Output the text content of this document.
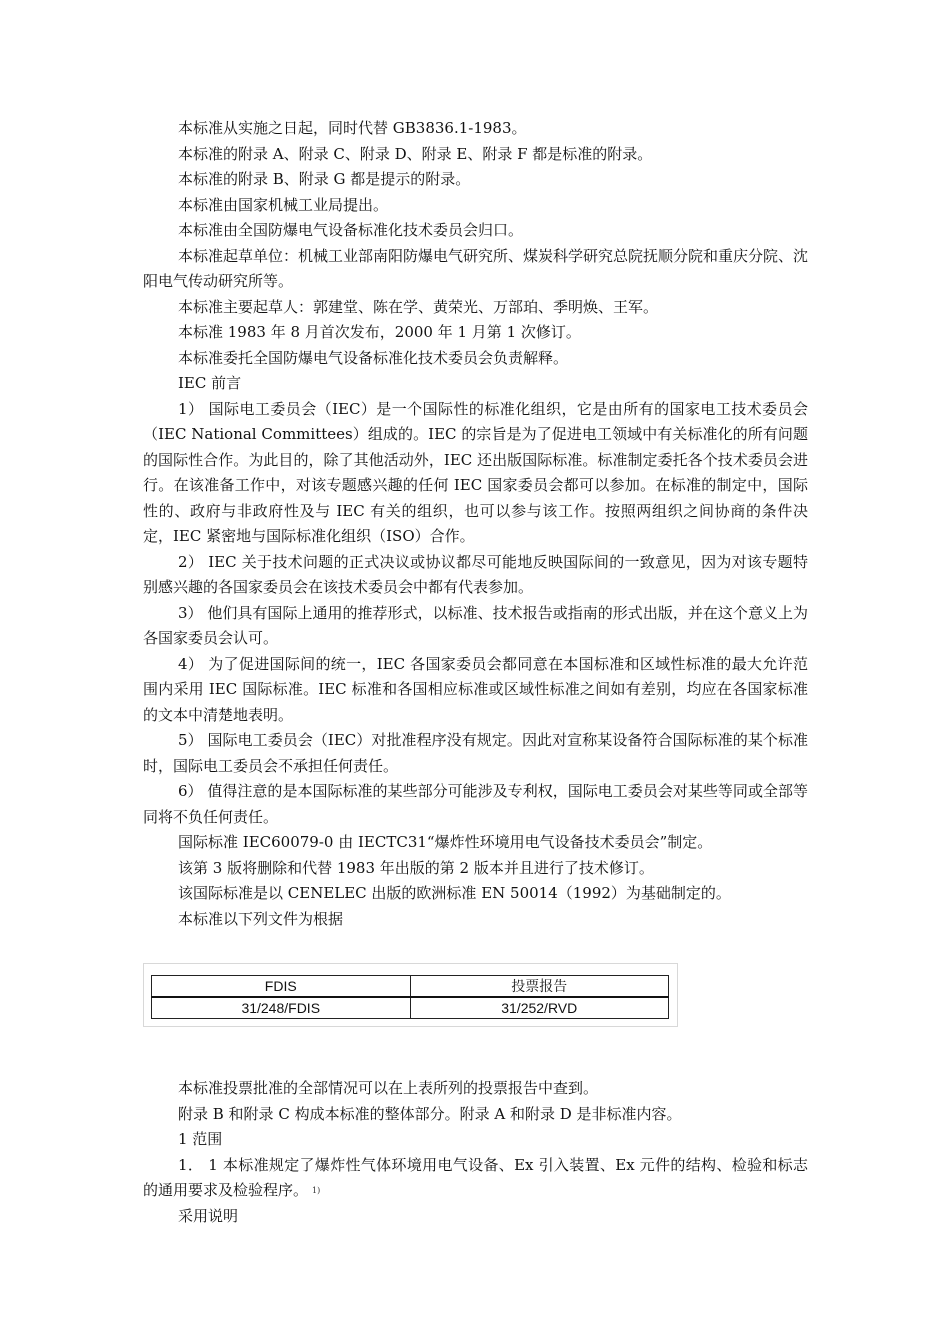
本标准从实施之日起，同时代替 GB3836.1-1983。

本标准的附录 A、附录 C、附录 D、附录 E、附录 F 都是标准的附录。

本标准的附录 B、附录 G 都是提示的附录。

本标准由国家机械工业局提出。

本标准由全国防爆电气设备标准化技术委员会归口。

本标准起草单位：机械工业部南阳防爆电气研究所、煤炭科学研究总院抚顺分院和重庆分院、沈阳电气传动研究所等。

本标准主要起草人：郭建堂、陈在学、黄荣光、万部珀、季明焕、王军。

本标准 1983 年 8 月首次发布，2000 年 1 月第 1 次修订。

本标准委托全国防爆电气设备标准化技术委员会负责解释。

IEC 前言

1） 国际电工委员会（IEC）是一个国际性的标准化组织，它是由所有的国家电工技术委员会（IEC National Committees）组成的。IEC 的宗旨是为了促进电工领域中有关标准化的所有问题的国际性合作。为此目的，除了其他活动外，IEC 还出版国际标准。标准制定委托各个技术委员会进行。在该准备工作中，对该专题感兴趣的任何 IEC 国家委员会都可以参加。在标准的制定中，国际性的、政府与非政府性及与 IEC 有关的组织，也可以参与该工作。按照两组织之间协商的条件决定，IEC 紧密地与国际标准化组织（ISO）合作。

2） IEC 关于技术问题的正式决议或协议都尽可能地反映国际间的一致意见，因为对该专题特别感兴趣的各国家委员会在该技术委员会中都有代表参加。

3） 他们具有国际上通用的推荐形式，以标准、技术报告或指南的形式出版，并在这个意义上为各国家委员会认可。

4） 为了促进国际间的统一，IEC 各国家委员会都同意在本国标准和区域性标准的最大允许范围内采用 IEC 国际标准。IEC 标准和各国相应标准或区域性标准之间如有差别，均应在各国家标准的文本中清楚地表明。

5） 国际电工委员会（IEC）对批准程序没有规定。因此对宣称某设备符合国际标准的某个标准时，国际电工委员会不承担任何责任。

6） 值得注意的是本国际标准的某些部分可能涉及专利权，国际电工委员会对某些等同或全部等同将不负任何责任。

国际标准 IEC60079-0 由 IECTC31“爆炸性环境用电气设备技术委员会”制定。

该第 3 版将删除和代替 1983 年出版的第 2 版本并且进行了技术修订。

该国际标准是以 CENELEC 出版的欧洲标准 EN 50014（1992）为基础制定的。

本标准以下列文件为根据

FDIS	投票报告
31/248/FDIS	31/252/RVD

本标准投票批准的全部情况可以在上表所列的投票报告中查到。

附录 B 和附录 C 构成本标准的整体部分。附录 A 和附录 D 是非标准内容。

1 范围

1． 1 本标准规定了爆炸性气体环境用电气设备、Ex 引入装置、Ex 元件的结构、检验和标志的通用要求及检验程序。 1)

采用说明
